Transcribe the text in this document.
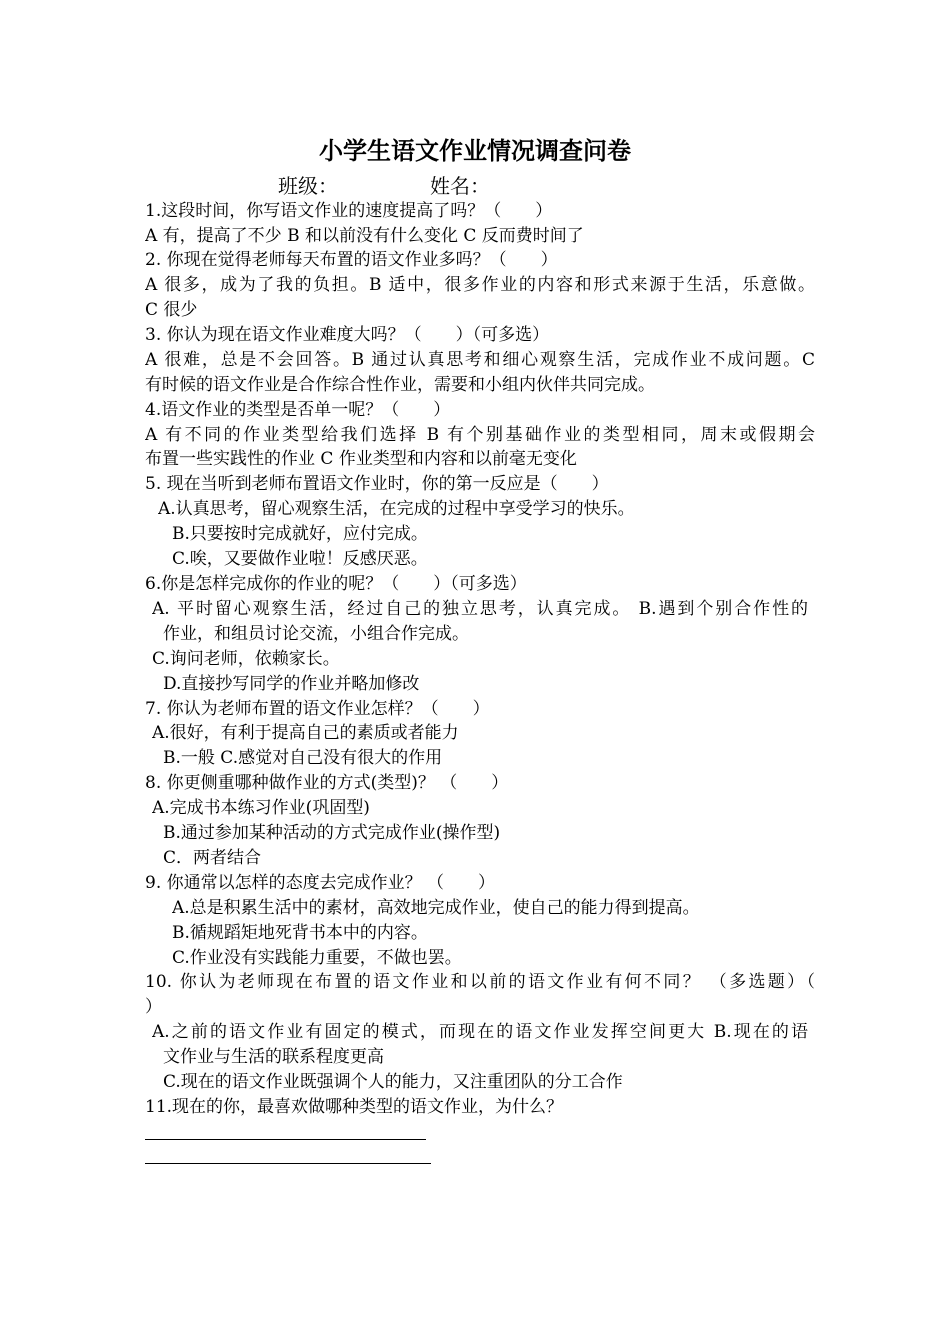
小学生语文作业情况调查问卷
班级：	姓名：
1.这段时间，你写语文作业的速度提高了吗？（　　）
A 有，提高了不少 B 和以前没有什么变化 C 反而费时间了
2. 你现在觉得老师每天布置的语文作业多吗？（　　）
A 很多，成为了我的负担。B 适中，很多作业的内容和形式来源于生活，乐意做。
C 很少
3. 你认为现在语文作业难度大吗？（　　）（可多选）
A 很难，总是不会回答。B 通过认真思考和细心观察生活，完成作业不成问题。C
有时候的语文作业是合作综合性作业，需要和小组内伙伴共同完成。
4.语文作业的类型是否单一呢？（　　）
A 有不同的作业类型给我们选择 B 有个别基础作业的类型相同，周末或假期会
布置一些实践性的作业 C 作业类型和内容和以前毫无变化
5. 现在当听到老师布置语文作业时，你的第一反应是（　　）
A.认真思考，留心观察生活，在完成的过程中享受学习的快乐。
B.只要按时完成就好，应付完成。
C.唉，又要做作业啦！反感厌恶。
6.你是怎样完成你的作业的呢？（　　）（可多选）
A. 平时留心观察生活，经过自己的独立思考，认真完成。 B.遇到个别合作性的
作业，和组员讨论交流，小组合作完成。
C.询问老师，依赖家长。
D.直接抄写同学的作业并略加修改
7. 你认为老师布置的语文作业怎样？（　　）
A.很好，有利于提高自己的素质或者能力
B.一般 C.感觉对自己没有很大的作用
8. 你更侧重哪种做作业的方式(类型)？ （　　）
A.完成书本练习作业(巩固型)
B.通过参加某种活动的方式完成作业(操作型)
C．两者结合
9. 你通常以怎样的态度去完成作业？ （　　）
A.总是积累生活中的素材，高效地完成作业，使自己的能力得到提高。
B.循规蹈矩地死背书本中的内容。
C.作业没有实践能力重要，不做也罢。
10. 你认为老师现在布置的语文作业和以前的语文作业有何不同？ （多选题）（
）
A.之前的语文作业有固定的模式，而现在的语文作业发挥空间更大 B.现在的语
文作业与生活的联系程度更高
C.现在的语文作业既强调个人的能力，又注重团队的分工合作
11.现在的你，最喜欢做哪种类型的语文作业，为什么？
